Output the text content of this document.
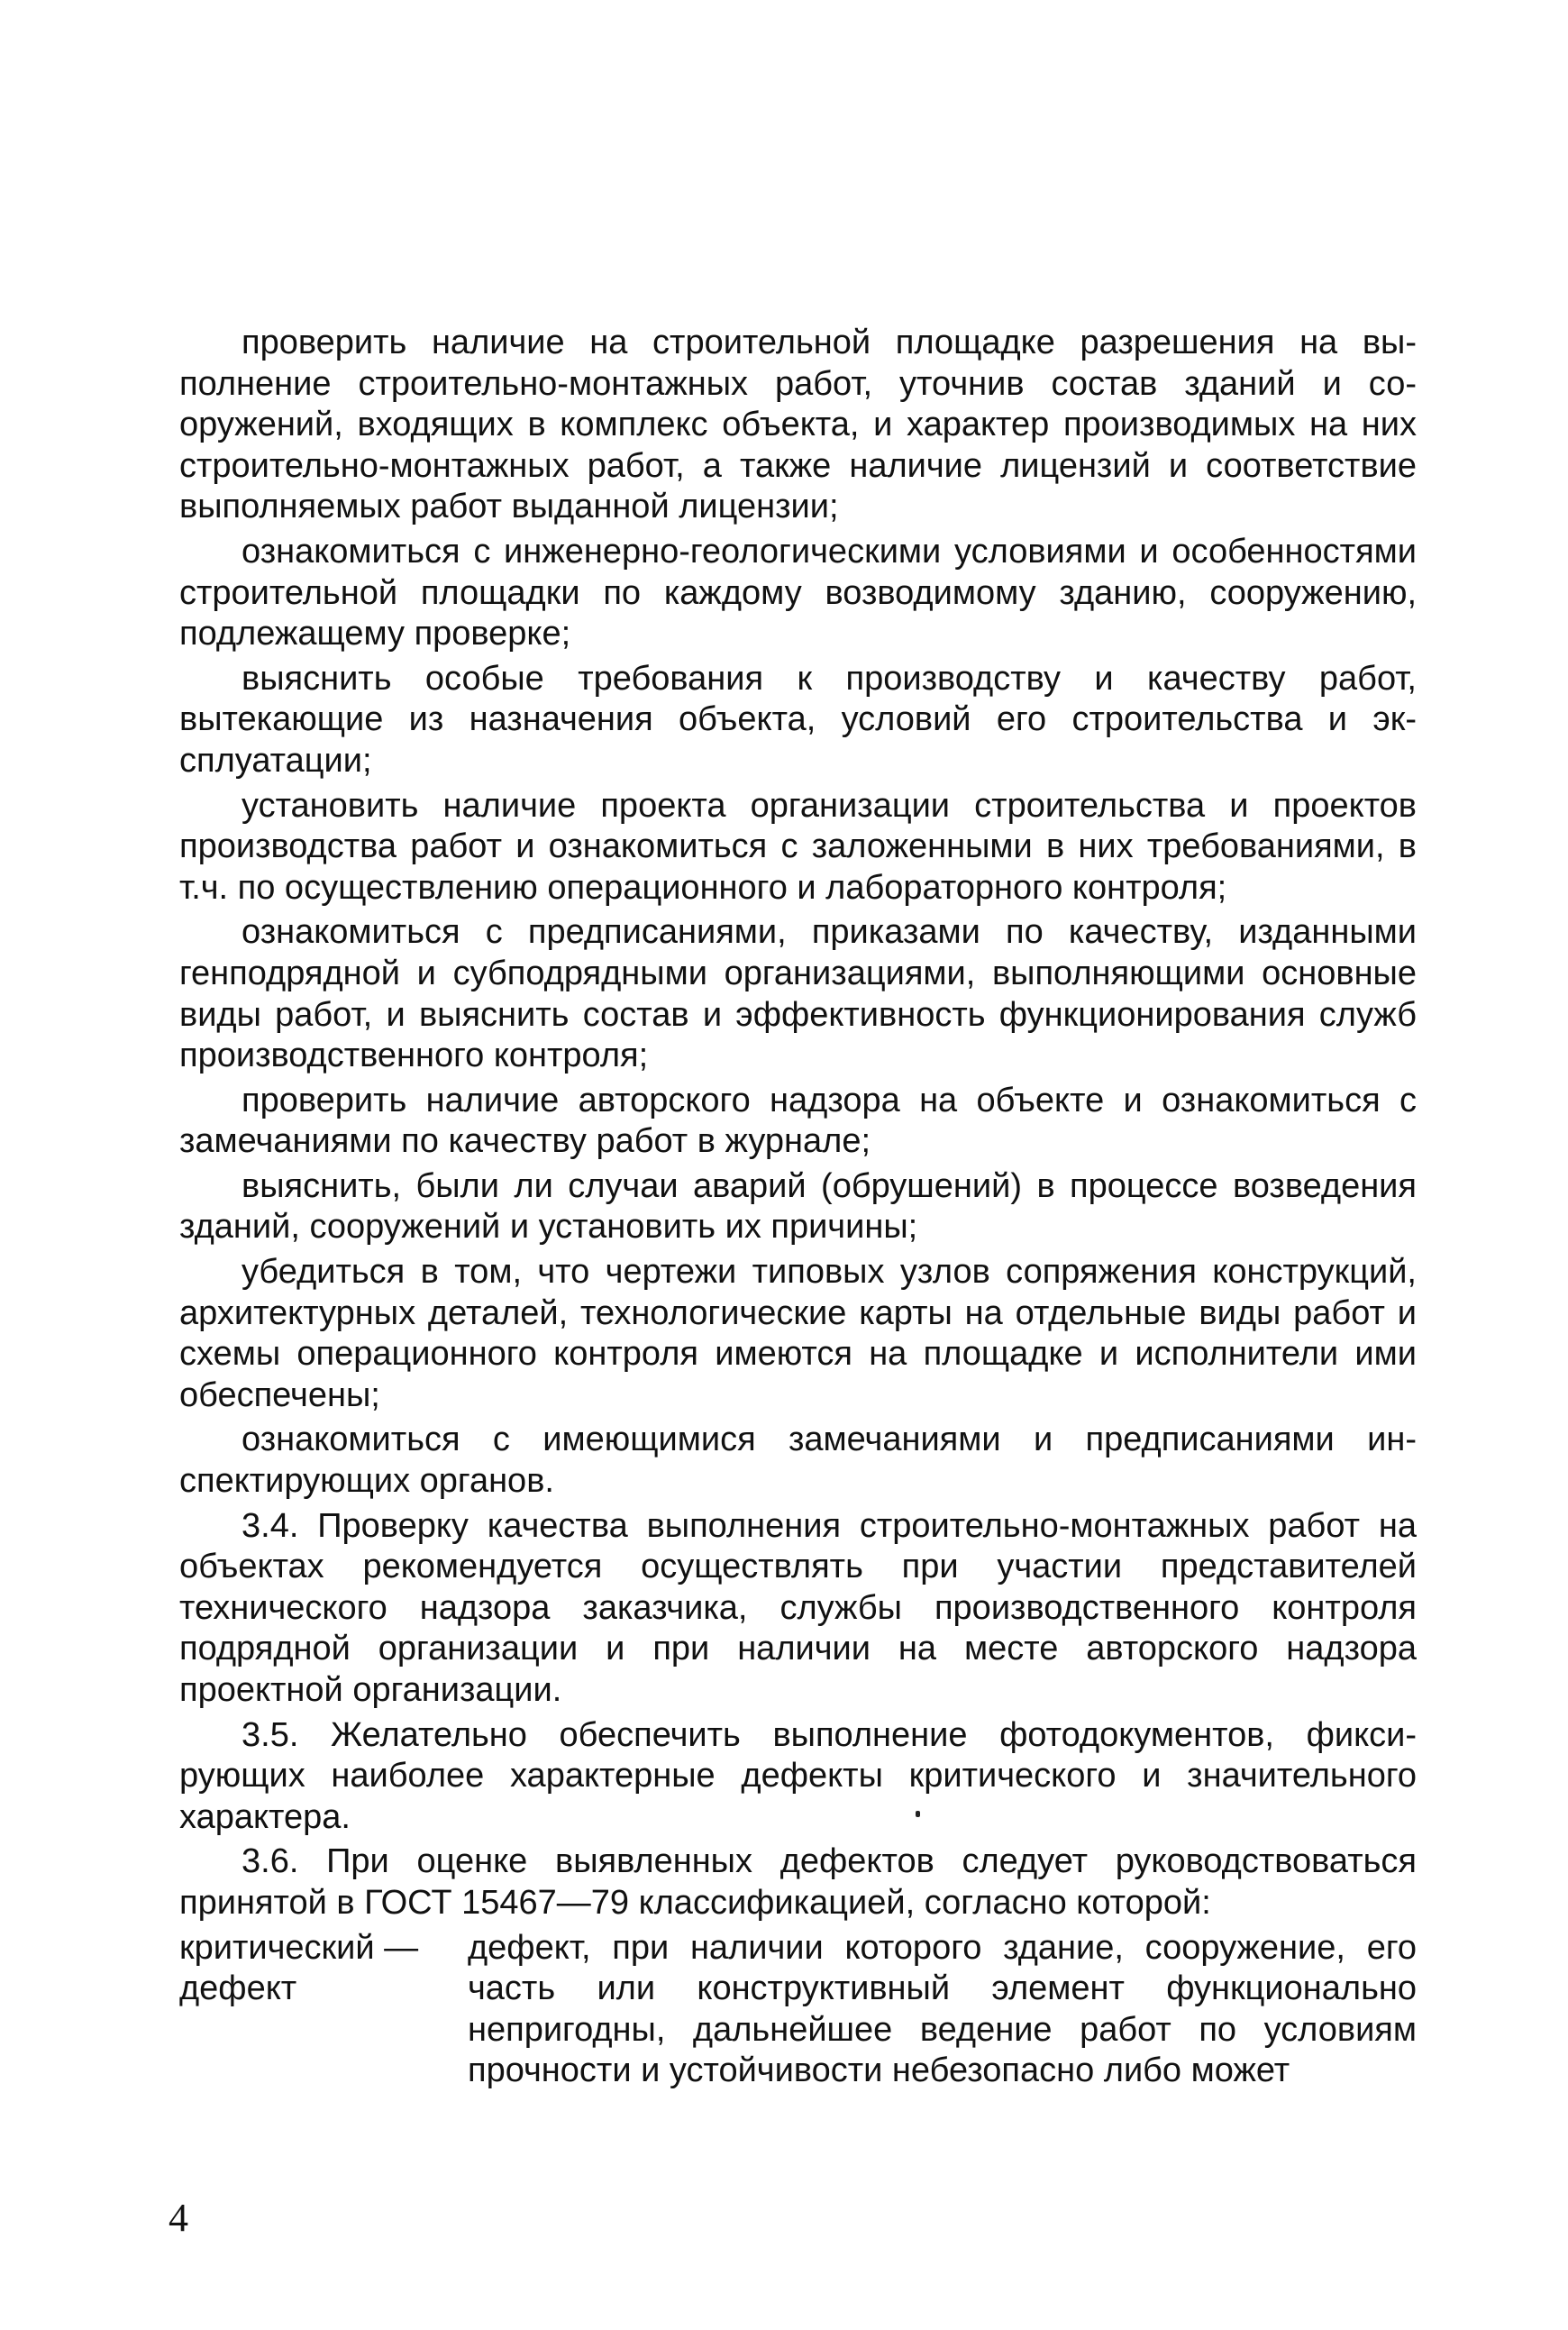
проверить наличие на строительной площадке разрешения на выполнение строительно-монтажных работ, уточнив состав зданий и сооружений, входящих в комплекс объекта, и характер производимых на них строительно-монтажных работ, а также наличие лицензий и соответствие выполняемых работ выданной лицензии;

ознакомиться с инженерно-геологическими условиями и особенностями строительной площадки по каждому возводимому зданию, сооружению, подлежащему проверке;

выяснить особые требования к производству и качеству работ, вытекающие из назначения объекта, условий его строительства и эксплуатации;

установить наличие проекта организации строительства и проектов производства работ и ознакомиться с заложенными в них требованиями, в т.ч. по осуществлению операционного и лабораторного контроля;

ознакомиться с предписаниями, приказами по качеству, изданными генподрядной и субподрядными организациями, выполняющими основные виды работ, и выяснить состав и эффективность функционирования служб производственного контроля;

проверить наличие авторского надзора на объекте и ознакомиться с замечаниями по качеству работ в журнале;

выяснить, были ли случаи аварий (обрушений) в процессе возведения зданий, сооружений и установить их причины;

убедиться в том, что чертежи типовых узлов сопряжения конструкций, архитектурных деталей, технологические карты на отдельные виды работ и схемы операционного контроля имеются на площадке и исполнители ими обеспечены;

ознакомиться с имеющимися замечаниями и предписаниями инспектирующих органов.

3.4. Проверку качества выполнения строительно-монтажных работ на объектах рекомендуется осуществлять при участии представителей технического надзора заказчика, службы производственного контроля подрядной организации и при наличии на месте авторского надзора проектной организации.

3.5. Желательно обеспечить выполнение фотодокументов, фиксирующих наиболее характерные дефекты критического и значительного характера.

3.6. При оценке выявленных дефектов следует руководствоваться принятой в ГОСТ 15467—79 классификацией, согласно которой:

критический — дефект
дефект, при наличии которого здание, сооружение, его часть или конструктивный элемент функционально непригодны, дальнейшее ведение работ по условиям прочности и устойчивости небезопасно либо может
4
